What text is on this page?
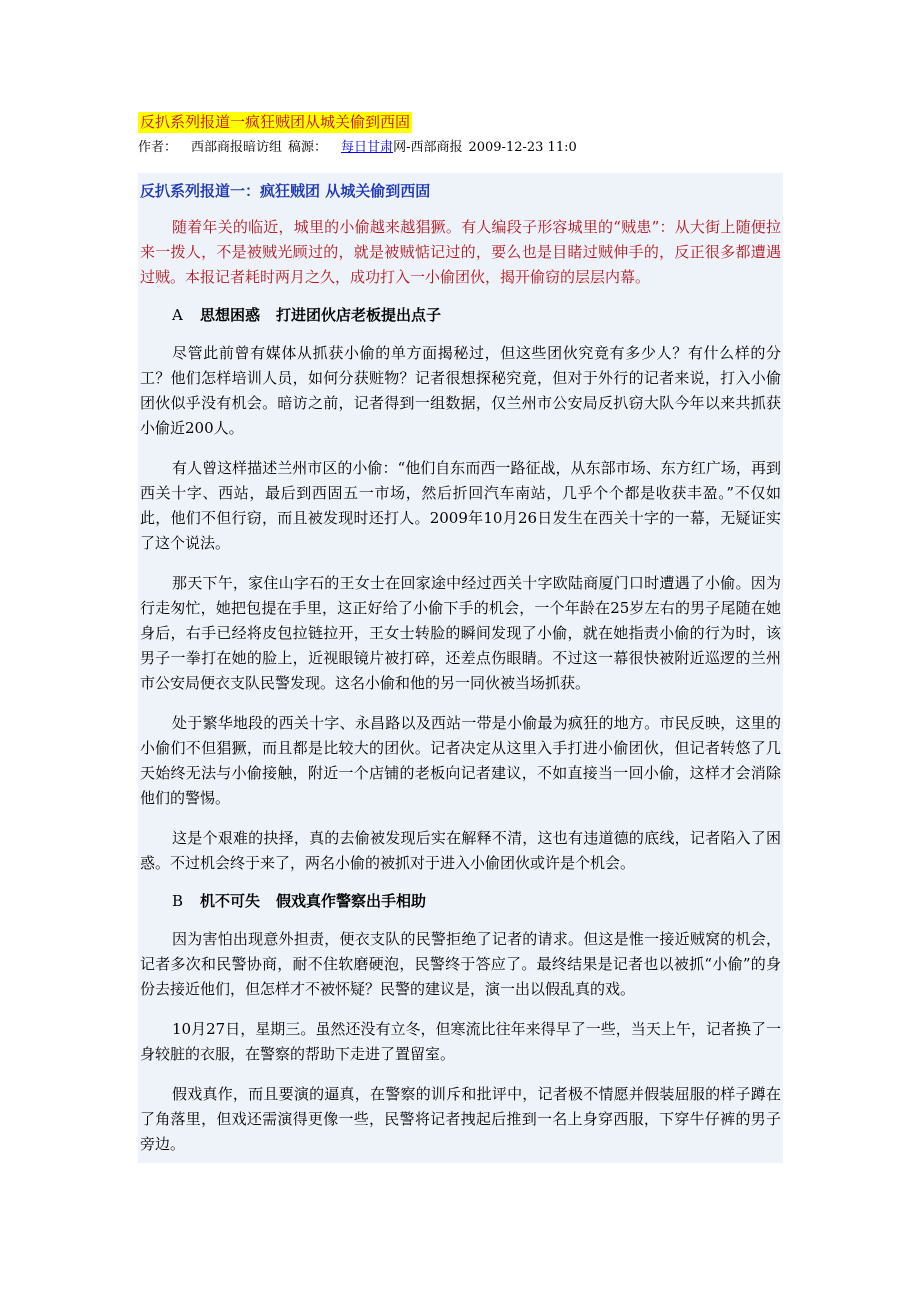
反扒系列报道一疯狂贼团从城关偷到西固
作者： 西部商报暗访组 稿源： 每日甘肃网-西部商报 2009-12-23 11:0
反扒系列报道一：疯狂贼团 从城关偷到西固

随着年关的临近，城里的小偷越来越猖獗。有人编段子形容城里的“贼患”：从大街上随便拉来一拨人，不是被贼光顾过的，就是被贼惦记过的，要么也是目睹过贼伸手的，反正很多都遭遇过贼。本报记者耗时两月之久，成功打入一小偷团伙，揭开偷窃的层层内幕。

A 思想困惑 打进团伙店老板提出点子

尽管此前曾有媒体从抓获小偷的单方面揭秘过，但这些团伙究竟有多少人？有什么样的分工？他们怎样培训人员，如何分获赃物？记者很想探秘究竟，但对于外行的记者来说，打入小偷团伙似乎没有机会。暗访之前，记者得到一组数据，仅兰州市公安局反扒窃大队今年以来共抓获小偷近200人。

有人曾这样描述兰州市区的小偷：“他们自东而西一路征战，从东部市场、东方红广场，再到西关十字、西站，最后到西固五一市场，然后折回汽车南站，几乎个个都是收获丰盈。”不仅如此，他们不但行窃，而且被发现时还打人。2009年10月26日发生在西关十字的一幕，无疑证实了这个说法。

那天下午，家住山字石的王女士在回家途中经过西关十字欧陆商厦门口时遭遇了小偷。因为行走匆忙，她把包提在手里，这正好给了小偷下手的机会，一个年龄在25岁左右的男子尾随在她身后，右手已经将皮包拉链拉开，王女士转脸的瞬间发现了小偷，就在她指责小偷的行为时，该男子一拳打在她的脸上，近视眼镜片被打碎，还差点伤眼睛。不过这一幕很快被附近巡逻的兰州市公安局便衣支队民警发现。这名小偷和他的另一同伙被当场抓获。

处于繁华地段的西关十字、永昌路以及西站一带是小偷最为疯狂的地方。市民反映，这里的小偷们不但猖獗，而且都是比较大的团伙。记者决定从这里入手打进小偷团伙，但记者转悠了几天始终无法与小偷接触，附近一个店铺的老板向记者建议，不如直接当一回小偷，这样才会消除他们的警惕。

这是个艰难的抉择，真的去偷被发现后实在解释不清，这也有违道德的底线，记者陷入了困惑。不过机会终于来了，两名小偷的被抓对于进入小偷团伙或许是个机会。

B 机不可失 假戏真作警察出手相助

因为害怕出现意外担责，便衣支队的民警拒绝了记者的请求。但这是惟一接近贼窝的机会，记者多次和民警协商，耐不住软磨硬泡，民警终于答应了。最终结果是记者也以被抓“小偷”的身份去接近他们，但怎样才不被怀疑？民警的建议是，演一出以假乱真的戏。

10月27日，星期三。虽然还没有立冬，但寒流比往年来得早了一些，当天上午，记者换了一身较脏的衣服，在警察的帮助下走进了置留室。

假戏真作，而且要演的逼真，在警察的训斥和批评中，记者极不情愿并假装屈服的样子蹲在了角落里，但戏还需演得更像一些，民警将记者拽起后推到一名上身穿西服，下穿牛仔裤的男子旁边。
